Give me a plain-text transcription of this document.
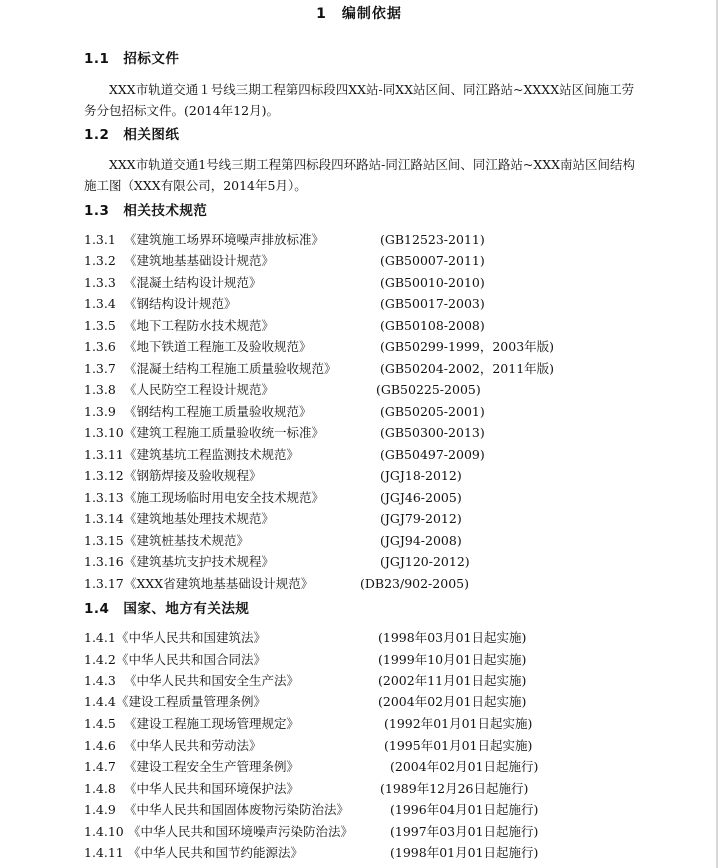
1　编制依据
1.1　招标文件
XXX市轨道交通１号线三期工程第四标段四XX站-同XX站区间、同江路站~XXXX站区间施工劳务分包招标文件。(2014年12月)。
1.2　相关图纸
XXX市轨道交通1号线三期工程第四标段四环路站-同江路站区间、同江路站~XXX南站区间结构施工图（XXX有限公司，2014年5月）。
1.3　相关技术规范
1.3.1 《建筑施工场界环境噪声排放标准》	(GB12523-2011)
1.3.2 《建筑地基基础设计规范》	(GB50007-2011)
1.3.3 《混凝土结构设计规范》	(GB50010-2010)
1.3.4 《钢结构设计规范》	(GB50017-2003)
1.3.5 《地下工程防水技术规范》	(GB50108-2008)
1.3.6 《地下铁道工程施工及验收规范》	(GB50299-1999，2003年版)
1.3.7 《混凝土结构工程施工质量验收规范》	(GB50204-2002，2011年版)
1.3.8 《人民防空工程设计规范》	(GB50225-2005)
1.3.9 《钢结构工程施工质量验收规范》	(GB50205-2001)
1.3.10 《建筑工程施工质量验收统一标准》	(GB50300-2013)
1.3.11 《建筑基坑工程监测技术规范》	(GB50497-2009)
1.3.12 《钢筋焊接及验收规程》	(JGJ18-2012)
1.3.13 《施工现场临时用电安全技术规范》	(JGJ46-2005)
1.3.14 《建筑地基处理技术规范》	(JGJ79-2012)
1.3.15 《建筑桩基技术规范》	(JGJ94-2008)
1.3.16 《建筑基坑支护技术规程》	(JGJ120-2012)
1.3.17 《XXX省建筑地基基础设计规范》	(DB23/902-2005)
1.4　国家、地方有关法规
1.4.1 《中华人民共和国建筑法》	(1998年03月01日起实施)
1.4.2 《中华人民共和国合同法》	(1999年10月01日起实施)
1.4.3 《中华人民共和国安全生产法》	(2002年11月01日起实施)
1.4.4 《建设工程质量管理条例》	(2004年02月01日起实施)
1.4.5 《建设工程施工现场管理规定》	(1992年01月01日起实施)
1.4.6 《中华人民共和劳动法》	(1995年01月01日起实施)
1.4.7 《建设工程安全生产管理条例》	(2004年02月01日起施行)
1.4.8 《中华人民共和国环境保护法》	(1989年12月26日起施行)
1.4.9 《中华人民共和国固体废物污染防治法》	(1996年04月01日起施行)
1.4.10 《中华人民共和国环境噪声污染防治法》	(1997年03月01日起施行)
1.4.11 《中华人民共和国节约能源法》	(1998年01月01日起施行)
